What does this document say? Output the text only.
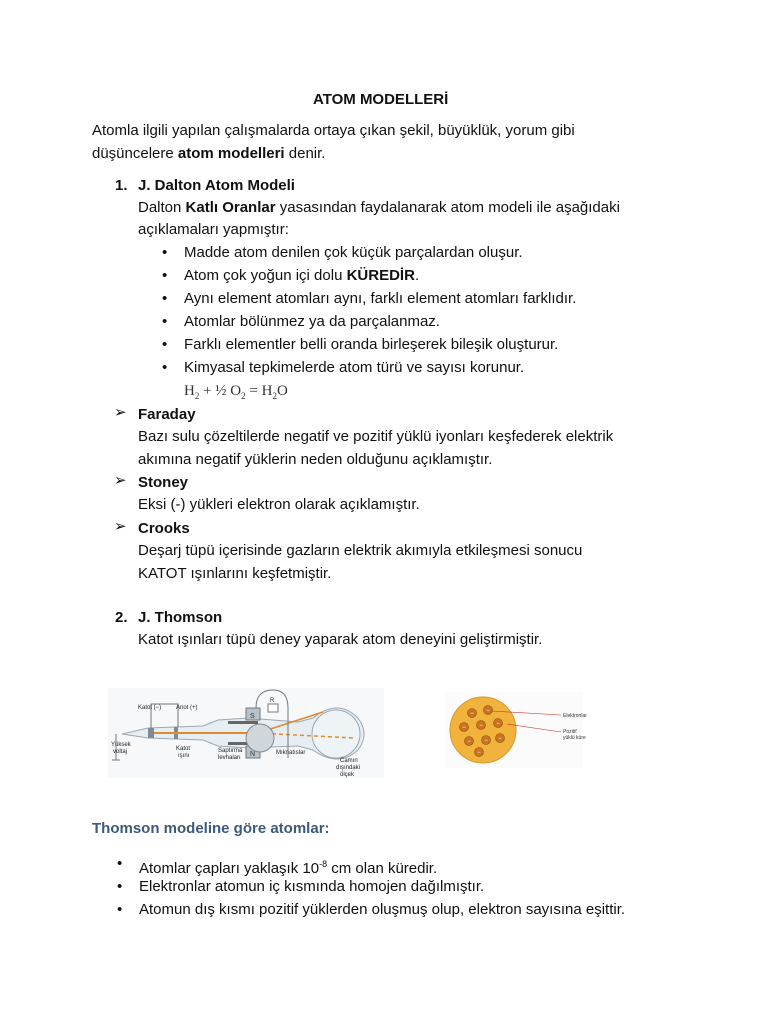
ATOM MODELLERİ
Atomla ilgili yapılan çalışmalarda ortaya çıkan şekil, büyüklük, yorum gibi
düşüncelere atom modelleri denir.
1. J. Dalton Atom Modeli
Dalton Katlı Oranlar yasasından faydalanarak atom modeli ile aşağıdaki
açıklamaları yapmıştır:
• Madde atom denilen çok küçük parçalardan oluşur.
• Atom çok yoğun içi dolu KÜREDİR.
• Aynı element atomları aynı, farklı element atomları farklıdır.
• Atomlar bölünmez ya da parçalanmaz.
• Farklı elementler belli oranda birleşerek bileşik oluşturur.
• Kimyasal tepkimelerde atom türü ve sayısı korunur.
$H_2$ + ½ $O_2 = H_2O$
➢ Faraday
Bazı sulu çözeltilerde negatif ve pozitif yüklü iyonları keşfederek elektrik
akımına negatif yüklerin neden olduğunu açıklamıştır.
➢ Stoney
Eksi (-) yükleri elektron olarak açıklamıştır.
➢ Crooks
Deşarj tüpü içerisinde gazların elektrik akımıyla etkileşmesi sonucu
KATOT ışınlarını keşfetmiştir.
2. J. Thomson
Katot ışınları tüpü deney yaparak atom deneyini geliştirmiştir.
S
N
R
Katot (−) Anot (+)
Yüksek
voltaj	Katot
ışını
Saptırma
levhaları
Mıknatıslar
Camın
dışındaki
ölçek
− −
− − −
− − −
−
Elektronlar
Pozitif
yüklü küre
Thomson modeline göre atomlar:
• Atomlar çapları yaklaşık $10^{-8}$ cm olan küredir.
• Elektronlar atomun iç kısmında homojen dağılmıştır.
• Atomun dış kısmı pozitif yüklerden oluşmuş olup, elektron sayısına eşittir.
